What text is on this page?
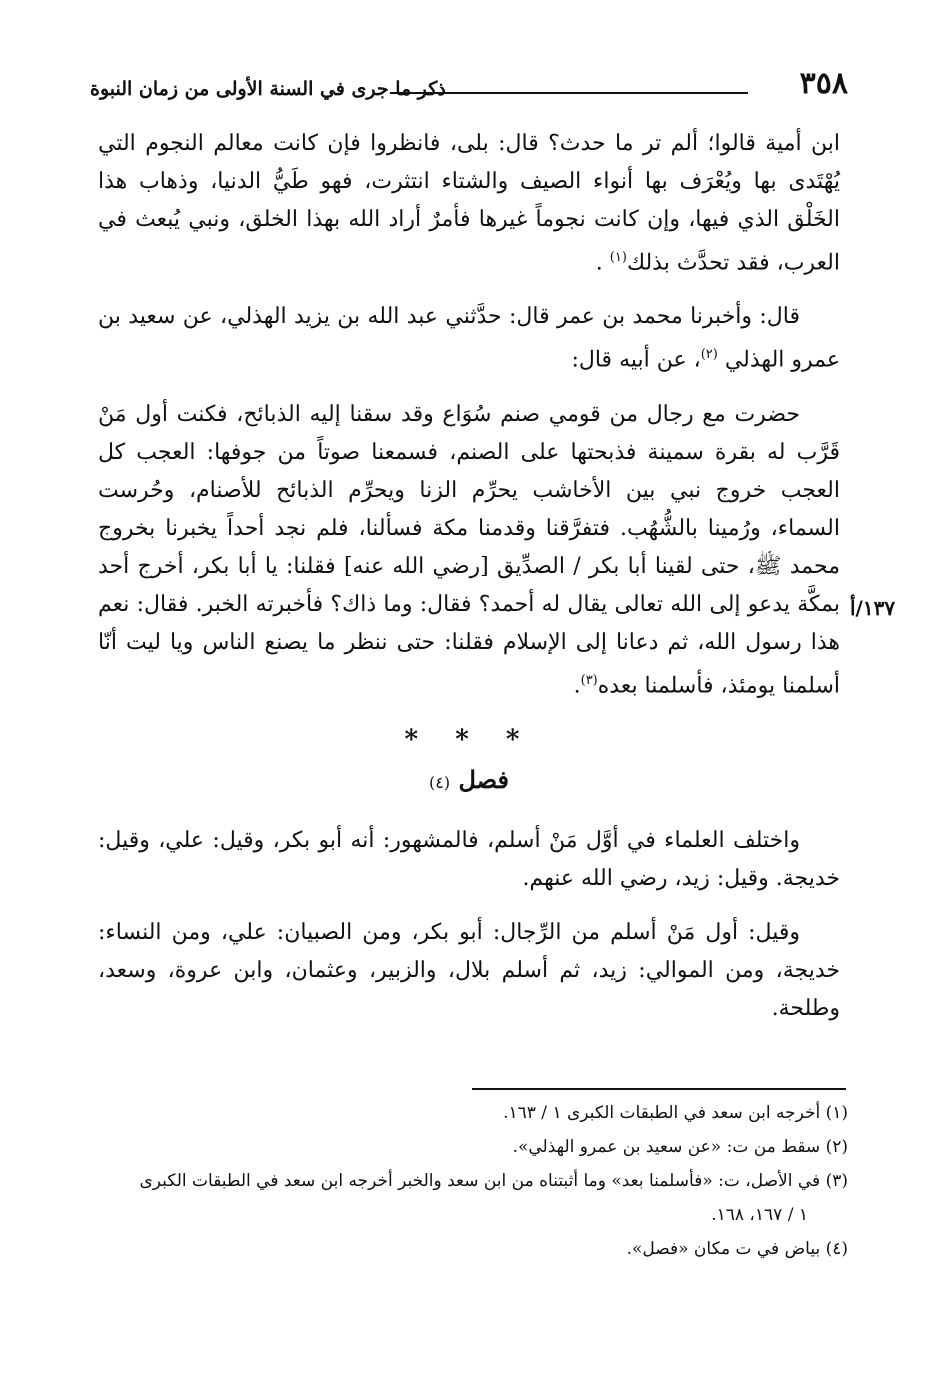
٣٥٨
ذكر ما جرى في السنة الأولى من زمان النبوة
١٣٧/أ

ابن أمية قالوا؛ ألم تر ما حدث؟ قال: بلى، فانظروا فإن كانت معالم النجوم التي يُهْتَدى بها ويُعْرَف بها أنواء الصيف والشتاء انتثرت، فهو طَيُّ الدنيا، وذهاب هذا الخَلْق الذي فيها، وإن كانت نجوماً غيرها فأمرٌ أراد الله بهذا الخلق، ونبي يُبعث في العرب، فقد تحدَّث بذلك$^{(١)}$ .

قال: وأخبرنا محمد بن عمر قال: حدَّثني عبد الله بن يزيد الهذلي، عن سعيد بن عمرو الهذلي $^{(٢)}$، عن أبيه قال:

حضرت مع رجال من قومي صنم سُوَاع وقد سقنا إليه الذبائح، فكنت أول مَنْ قَرَّب له بقرة سمينة فذبحتها على الصنم، فسمعنا صوتاً من جوفها: العجب كل العجب خروج نبي بين الأخاشب يحرِّم الزنا ويحرِّم الذبائح للأصنام، وحُرست السماء، ورُمينا بالشُّهُب. فتفرَّقنا وقدمنا مكة فسألنا، فلم نجد أحداً يخبرنا بخروج محمد ﷺ، حتى لقينا أبا بكر / الصدِّيق [رضي الله عنه] فقلنا: يا أبا بكر، أخرج أحد بمكَّة يدعو إلى الله تعالى يقال له أحمد؟ فقال: وما ذاك؟ فأخبرته الخبر. فقال: نعم هذا رسول الله، ثم دعانا إلى الإسلام فقلنا: حتى ننظر ما يصنع الناس ويا ليت أنّا أسلمنا يومئذ، فأسلمنا بعده$^{(٣)}$.

* * *
فصل (٤)

واختلف العلماء في أوَّل مَنْ أسلم، فالمشهور: أنه أبو بكر، وقيل: علي، وقيل: خديجة. وقيل: زيد، رضي الله عنهم.

وقيل: أول مَنْ أسلم من الرِّجال: أبو بكر، ومن الصبيان: علي، ومن النساء: خديجة، ومن الموالي: زيد، ثم أسلم بلال، والزبير، وعثمان، وابن عروة، وسعد، وطلحة.

(١) أخرجه ابن سعد في الطبقات الكبرى ١ / ١٦٣.
(٢) سقط من ت: «عن سعيد بن عمرو الهذلي».
(٣) في الأصل، ت: «فأسلمنا بعد» وما أثبتناه من ابن سعد والخبر أخرجه ابن سعد في الطبقات الكبرى
١ / ١٦٧، ١٦٨.
(٤) بياض في ت مكان «فصل».
